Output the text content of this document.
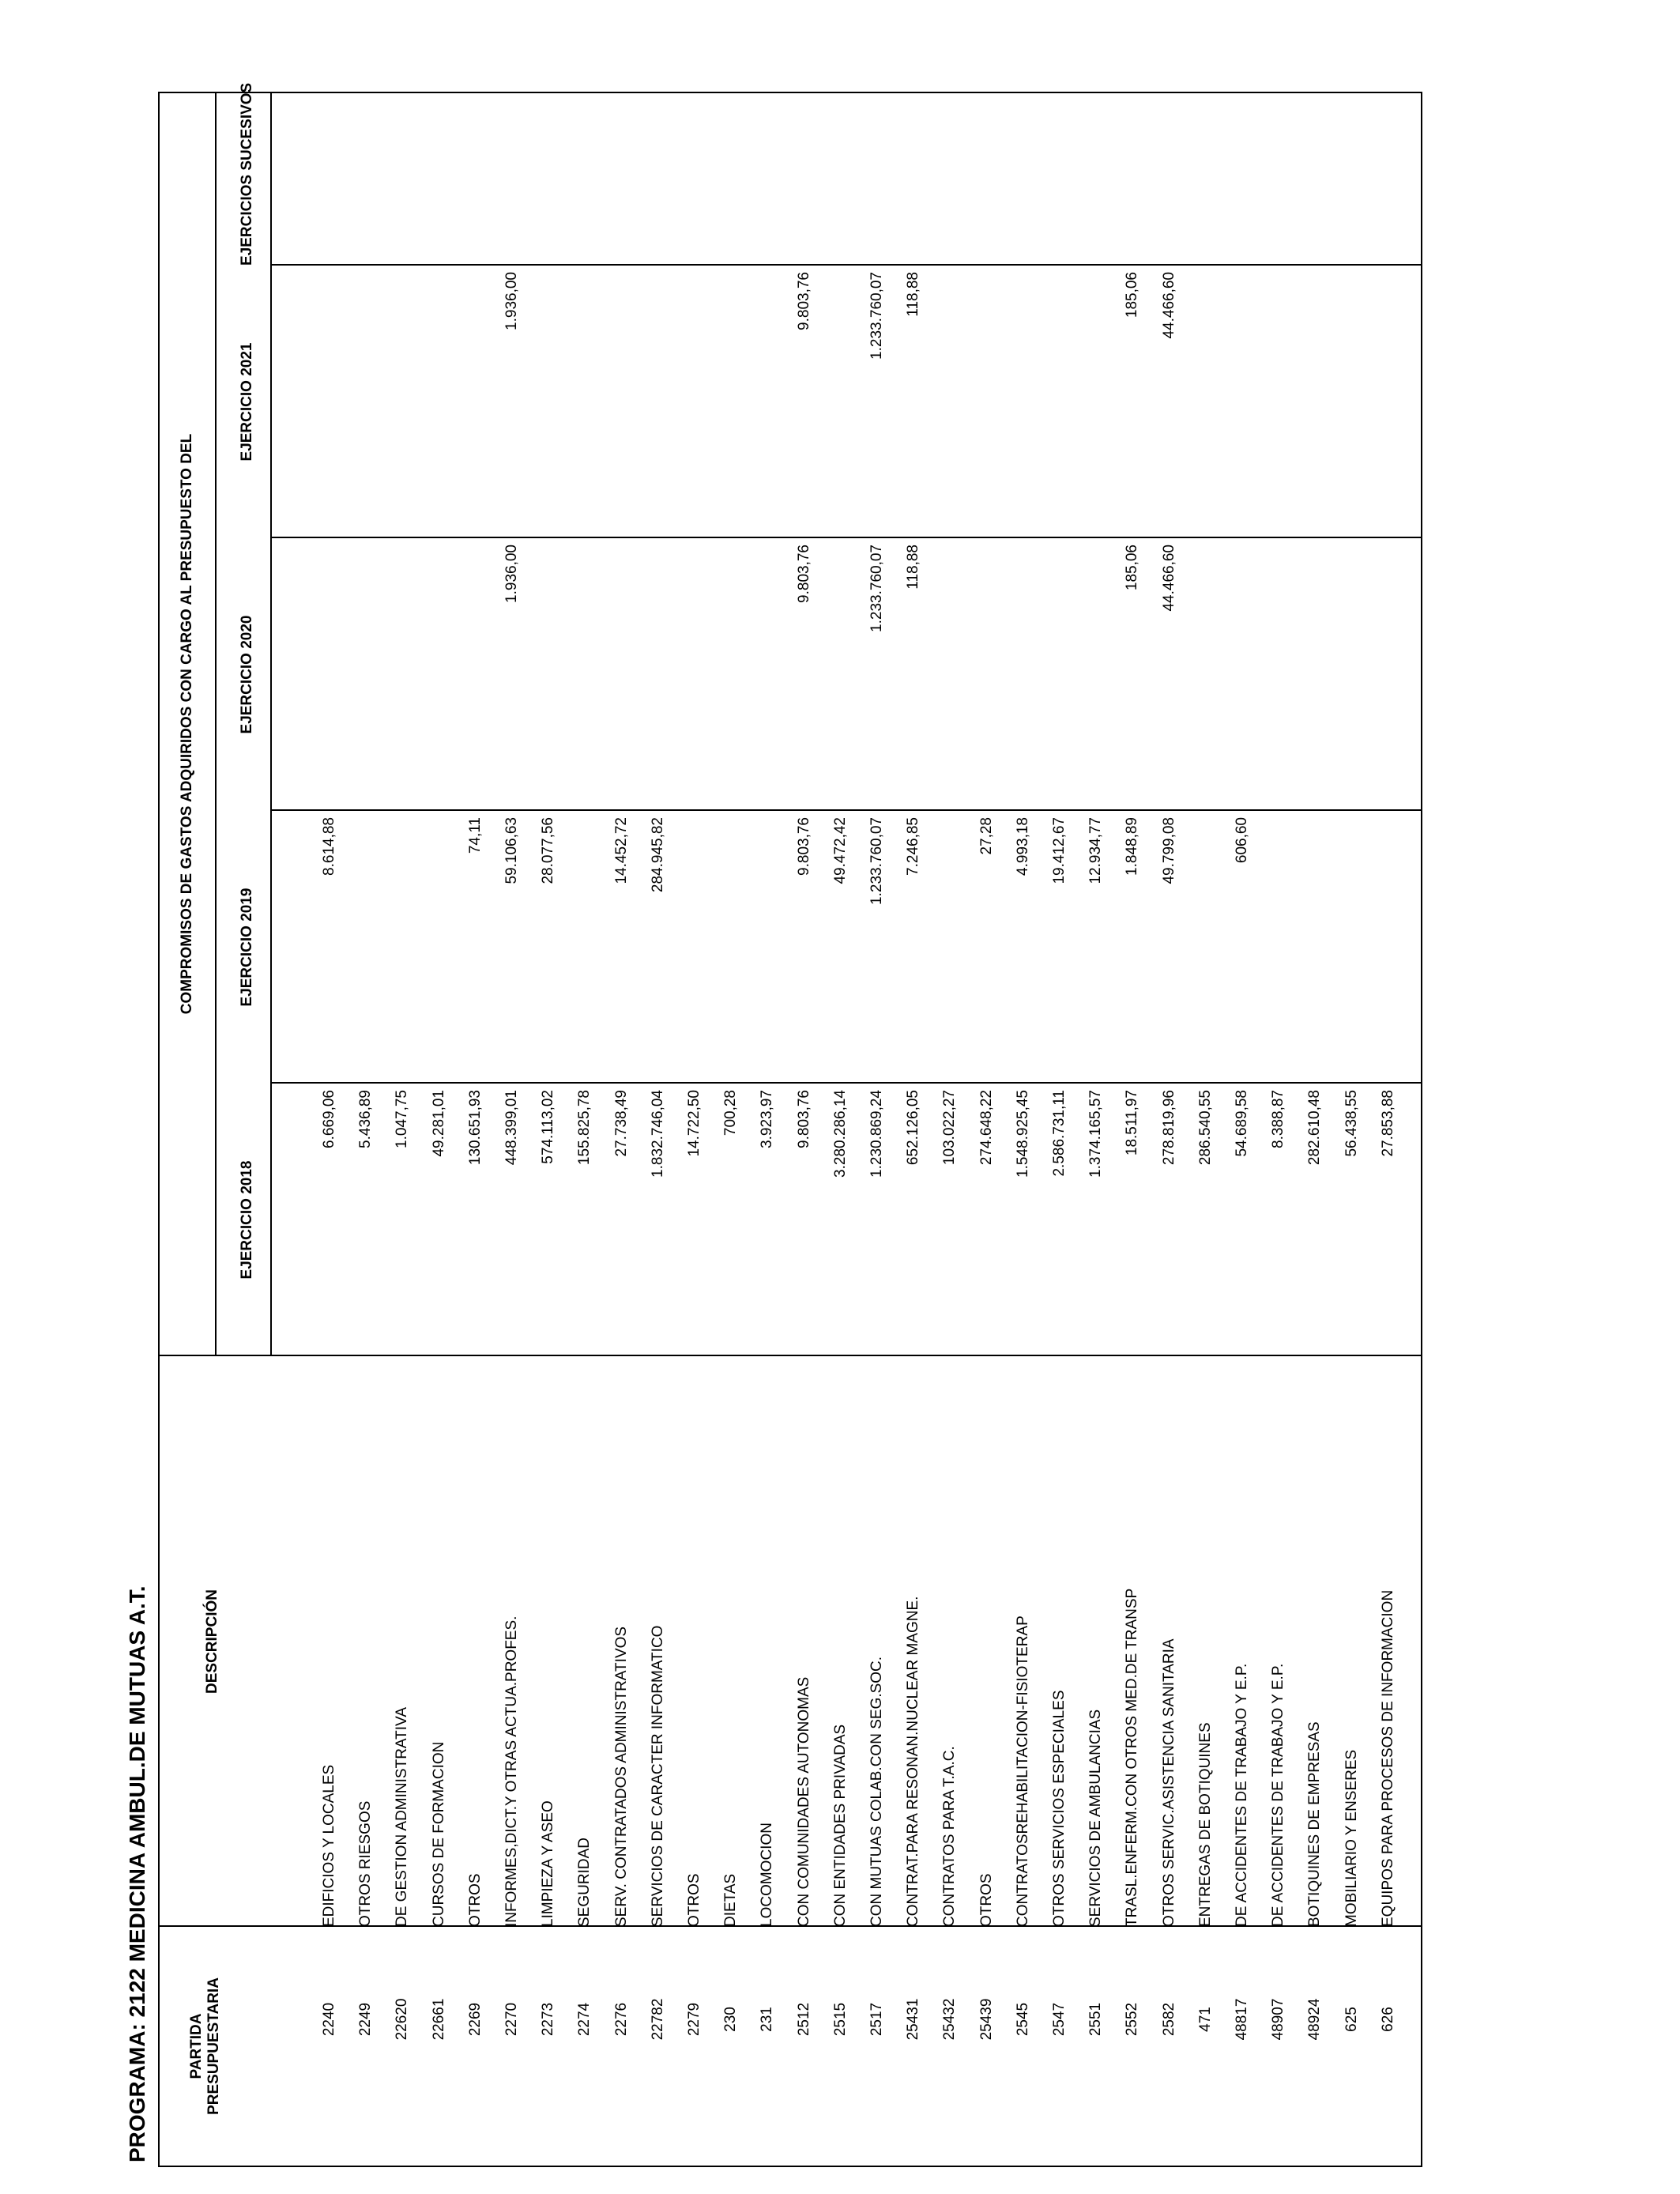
PROGRAMA: 2122 MEDICINA AMBUL.DE MUTUAS A.T.	PARTIDA PRESUPUESTARIA
DESCRIPCIÓN
COMPROMISOS DE GASTOS ADQUIRIDOS CON CARGO AL PRESUPUESTO DEL
EJERCICIO 2018
EJERCICIO 2019
EJERCICIO 2020
EJERCICIO 2021
EJERCICIOS SUCESIVOS
2240
EDIFICIOS Y LOCALES
6.669,06
8.614,88
2249
OTROS RIESGOS
5.436,89
22620
DE GESTION ADMINISTRATIVA
1.047,75
22661
CURSOS DE FORMACION
49.281,01
2269
OTROS
130.651,93
74,11
2270
INFORMES,DICT.Y OTRAS ACTUA.PROFES.
448.399,01
59.106,63
1.936,00
1.936,00
2273
LIMPIEZA Y ASEO
574.113,02
28.077,56
2274
SEGURIDAD
155.825,78
2276
SERV. CONTRATADOS ADMINISTRATIVOS
27.738,49
14.452,72
22782
SERVICIOS DE CARACTER INFORMATICO
1.832.746,04
284.945,82
2279
OTROS
14.722,50
230
DIETAS
700,28
231
LOCOMOCION
3.923,97
2512
CON COMUNIDADES AUTONOMAS
9.803,76
9.803,76
9.803,76
9.803,76
2515
CON ENTIDADES PRIVADAS
3.280.286,14
49.472,42
2517
CON MUTUAS COLAB.CON SEG.SOC.
1.230.869,24
1.233.760,07
1.233.760,07
1.233.760,07
25431
CONTRAT.PARA RESONAN.NUCLEAR MAGNE.
652.126,05
7.246,85
118,88
118,88
25432
CONTRATOS PARA T.A.C.
103.022,27
25439
OTROS
274.648,22
27,28
2545
CONTRATOSREHABILITACION-FISIOTERAP
1.548.925,45
4.993,18
2547
OTROS SERVICIOS ESPECIALES
2.586.731,11
19.412,67
2551
SERVICIOS DE AMBULANCIAS
1.374.165,57
12.934,77
2552
TRASL.ENFERM.CON OTROS MED.DE TRANSP
18.511,97
1.848,89
185,06
185,06
2582
OTROS SERVIC.ASISTENCIA SANITARIA
278.819,96
49.799,08
44.466,60
44.466,60
471
ENTREGAS DE BOTIQUINES
286.540,55
48817
DE ACCIDENTES DE TRABAJO Y E.P.
54.689,58
606,60
48907
DE ACCIDENTES DE TRABAJO Y E.P.
8.388,87
48924
BOTIQUINES DE EMPRESAS
282.610,48
625
MOBILIARIO Y ENSERES
56.438,55
626
EQUIPOS PARA PROCESOS DE INFORMACION
27.853,88
